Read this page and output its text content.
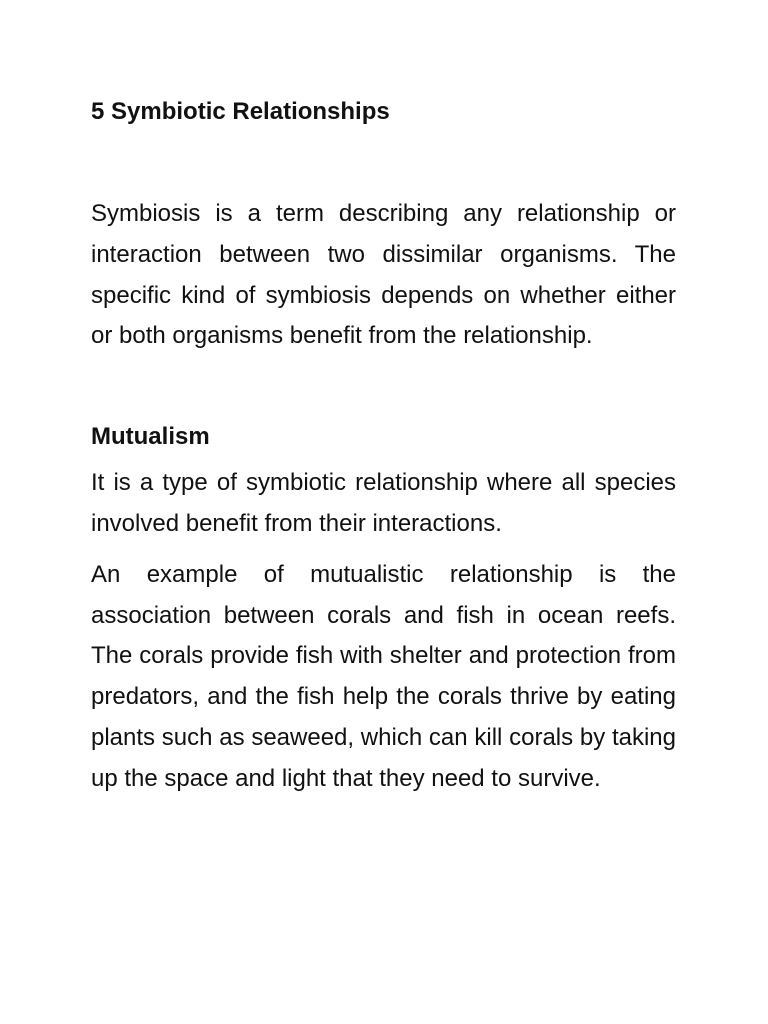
5 Symbiotic Relationships

Symbiosis is a term describing any relationship or interaction between two dissimilar organisms. The specific kind of symbiosis depends on whether either or both organisms benefit from the relationship.

Mutualism

It is a type of symbiotic relationship where all species involved benefit from their interactions.

An example of mutualistic relationship is the association between corals and fish in ocean reefs. The corals provide fish with shelter and protection from predators, and the fish help the corals thrive by eating plants such as seaweed, which can kill corals by taking up the space and light that they need to survive.
